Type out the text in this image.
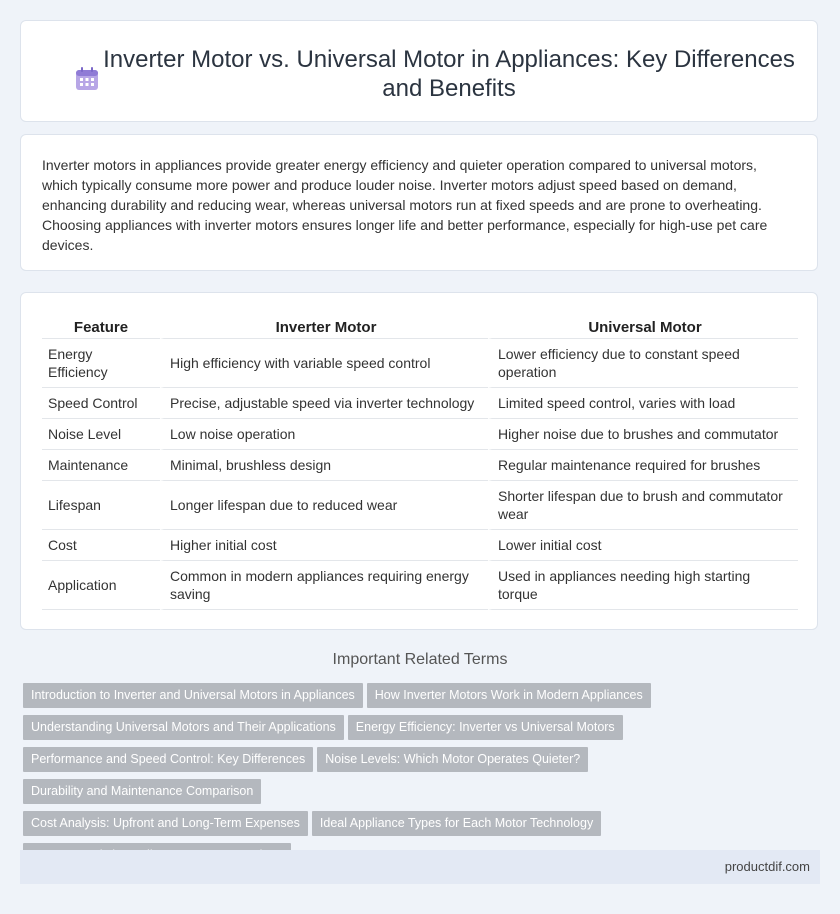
Inverter Motor vs. Universal Motor in Appliances: Key Differences and Benefits

Inverter motors in appliances provide greater energy efficiency and quieter operation compared to universal motors, which typically consume more power and produce louder noise. Inverter motors adjust speed based on demand, enhancing durability and reducing wear, whereas universal motors run at fixed speeds and are prone to overheating. Choosing appliances with inverter motors ensures longer life and better performance, especially for high-use pet care devices.

Feature	Inverter Motor	Universal Motor
Energy Efficiency	High efficiency with variable speed control	Lower efficiency due to constant speed operation
Speed Control	Precise, adjustable speed via inverter technology	Limited speed control, varies with load
Noise Level	Low noise operation	Higher noise due to brushes and commutator
Maintenance	Minimal, brushless design	Regular maintenance required for brushes
Lifespan	Longer lifespan due to reduced wear	Shorter lifespan due to brush and commutator wear
Cost	Higher initial cost	Lower initial cost
Application	Common in modern appliances requiring energy saving	Used in appliances needing high starting torque
Important Related Terms
Introduction to Inverter and Universal Motors in Appliances How Inverter Motors Work in Modern Appliances
Understanding Universal Motors and Their Applications Energy Efficiency: Inverter vs Universal Motors
Performance and Speed Control: Key Differences Noise Levels: Which Motor Operates Quieter?Durability and Maintenance Comparison
Cost Analysis: Upfront and Long-Term Expenses Ideal Appliance Types for Each Motor Technology

productdif.com
